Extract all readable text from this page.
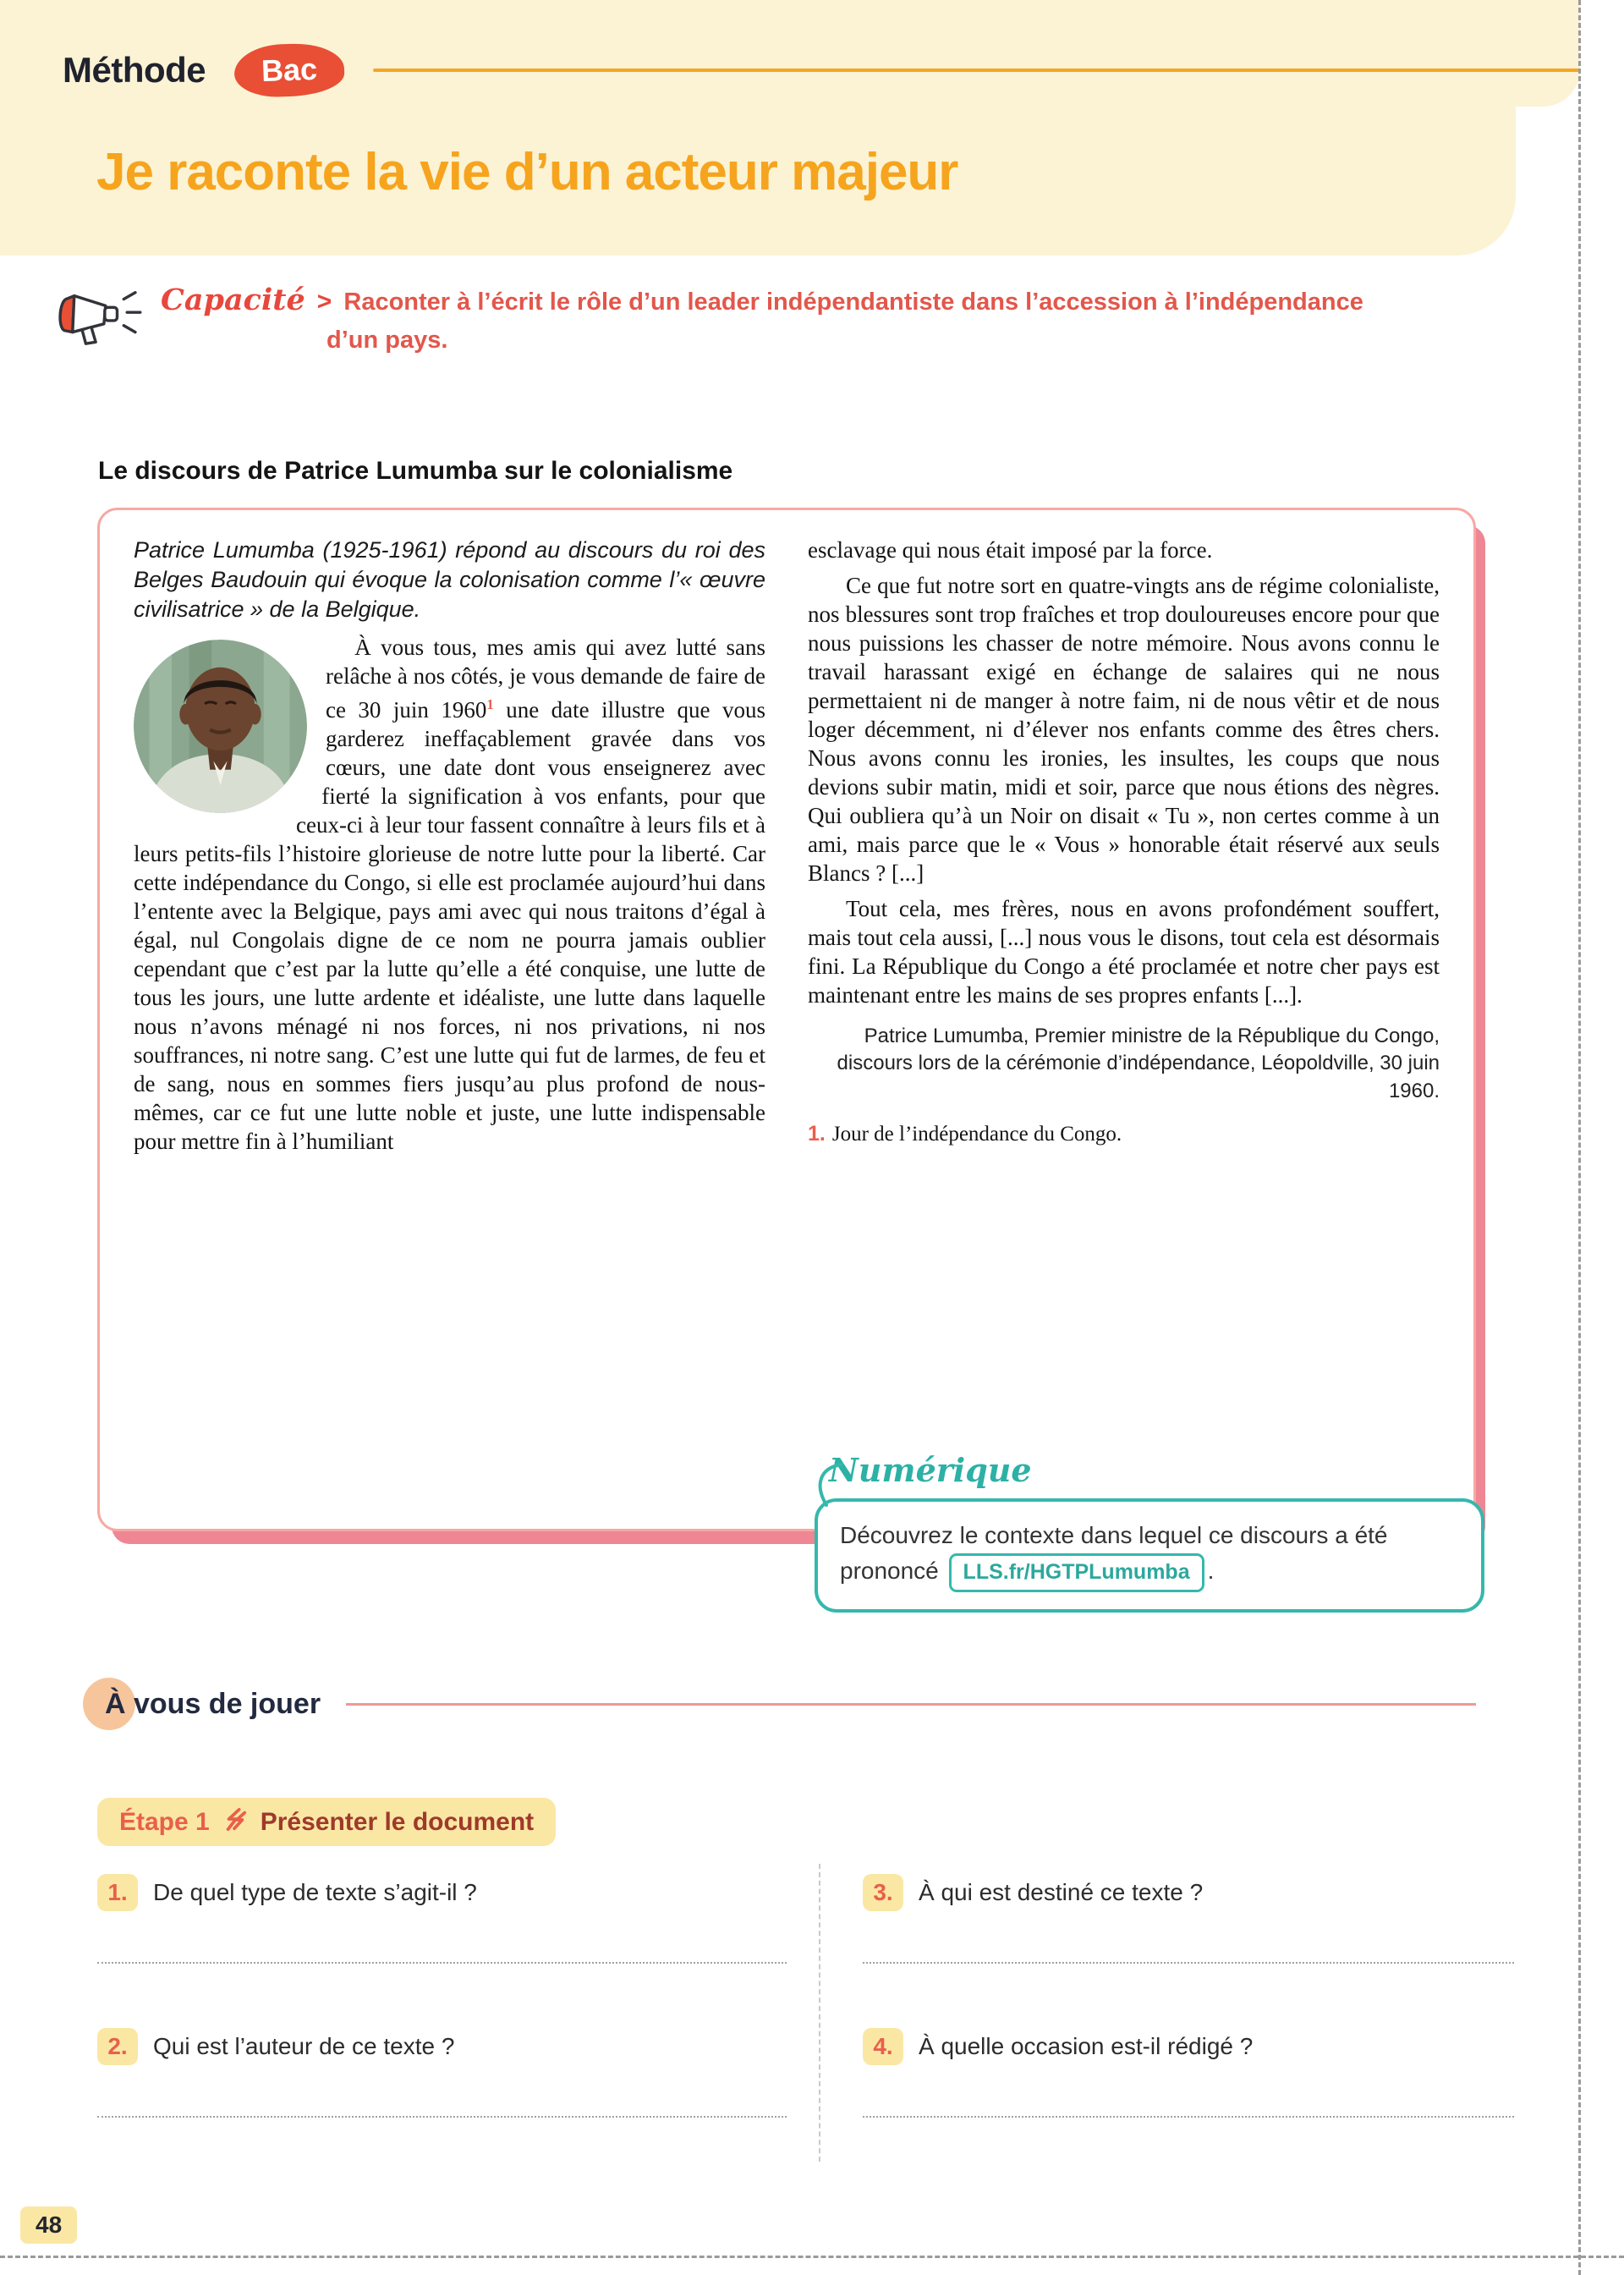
Méthode	Bac
Je raconte la vie d’un acteur majeur

Capacité > Raconter à l’écrit le rôle d’un leader indépendantiste dans l’accession à l’indépendance d’un pays.

Le discours de Patrice Lumumba sur le colonialisme

Patrice Lumumba (1925-1961) répond au discours du roi des Belges Baudouin qui évoque la colonisation comme l’« œuvre civilisatrice » de la Belgique.

À vous tous, mes amis qui avez lutté sans relâche à nos côtés, je vous demande de faire de ce 30 juin 1960$^1$ une date illustre que vous garderez ineffaçablement gravée dans vos cœurs, une date dont vous enseignerez avec fierté la signification à vos enfants, pour que ceux-ci à leur tour fassent connaître à leurs fils et à leurs petits-fils l’histoire glorieuse de notre lutte pour la liberté. Car cette indépendance du Congo, si elle est proclamée aujourd’hui dans l’entente avec la Belgique, pays ami avec qui nous traitons d’égal à égal, nul Congolais digne de ce nom ne pourra jamais oublier cependant que c’est par la lutte qu’elle a été conquise, une lutte de tous les jours, une lutte ardente et idéaliste, une lutte dans laquelle nous n’avons ménagé ni nos forces, ni nos privations, ni nos souffrances, ni notre sang. C’est une lutte qui fut de larmes, de feu et de sang, nous en sommes fiers jusqu’au plus profond de nous-mêmes, car ce fut une lutte noble et juste, une lutte indispensable pour mettre fin à l’humiliant

esclavage qui nous était imposé par la force.

Ce que fut notre sort en quatre-vingts ans de régime colonialiste, nos blessures sont trop fraîches et trop douloureuses encore pour que nous puissions les chasser de notre mémoire. Nous avons connu le travail harassant exigé en échange de salaires qui ne nous permettaient ni de manger à notre faim, ni de nous vêtir et de nous loger décemment, ni d’élever nos enfants comme des êtres chers. Nous avons connu les ironies, les insultes, les coups que nous devions subir matin, midi et soir, parce que nous étions des nègres. Qui oubliera qu’à un Noir on disait « Tu », non certes comme à un ami, mais parce que le « Vous » honorable était réservé aux seuls Blancs ? [...]

Tout cela, mes frères, nous en avons profondément souffert, mais tout cela aussi, [...] nous vous le disons, tout cela est désormais fini. La République du Congo a été proclamée et notre cher pays est maintenant entre les mains de ses propres enfants [...].

Patrice Lumumba, Premier ministre de la République du Congo, discours lors de la cérémonie d’indépendance, Léopoldville, 30 juin 1960.

1. Jour de l’indépendance du Congo.

Numérique
Découvrez le contexte dans lequel ce discours a été prononcé LLS.fr/HGTPLumumba .
À vous de jouer
Étape 1 Présenter le document
1.	De quel type de texte s’agit-il ?	3.	À qui est destiné ce texte ?
2.	Qui est l’auteur de ce texte ?	4.	À quelle occasion est-il rédigé ?
48
